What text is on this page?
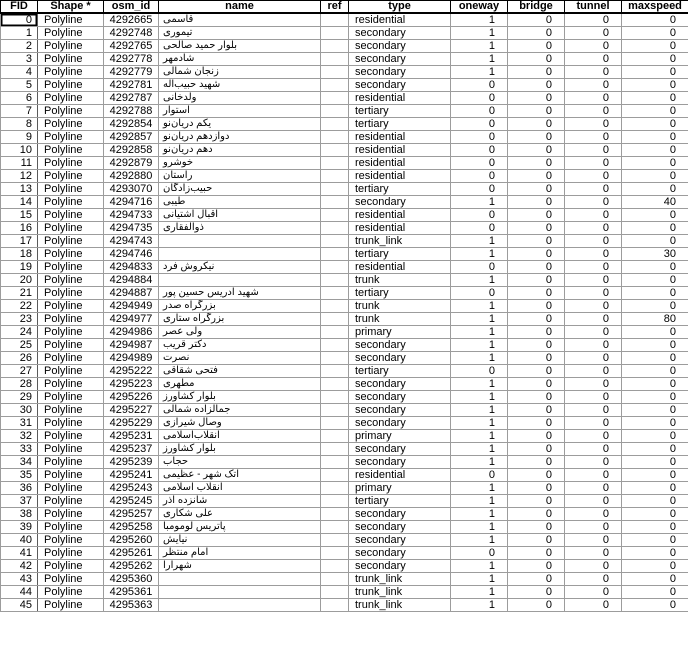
FID	Shape *	osm_id	name	ref	type	oneway	bridge	tunnel	maxspeed
0	Polyline	4292665	قاسمی		residential	1	0	0	0
1	Polyline	4292748	تیموری		secondary	1	0	0	0
2	Polyline	4292765	بلوار حمید صالحی		secondary	1	0	0	0
3	Polyline	4292778	شادمهر		secondary	1	0	0	0
4	Polyline	4292779	زنجان شمالی		secondary	1	0	0	0
5	Polyline	4292781	شهید حبیب‌اله		secondary	0	0	0	0
6	Polyline	4292787	ولدخانی		residential	0	0	0	0
7	Polyline	4292788	استوار		tertiary	0	0	0	0
8	Polyline	4292854	یکم دریان‌نو		tertiary	0	0	0	0
9	Polyline	4292857	دوازدهم دریان‌نو		residential	0	0	0	0
10	Polyline	4292858	دهم دریان‌نو		residential	0	0	0	0
11	Polyline	4292879	خوشرو		residential	0	0	0	0
12	Polyline	4292880	راستان		residential	0	0	0	0
13	Polyline	4293070	حبیب‌زادگان		tertiary	0	0	0	0
14	Polyline	4294716	طیبی		secondary	1	0	0	40
15	Polyline	4294733	اقبال آشتیانی		residential	0	0	0	0
16	Polyline	4294735	ذوالفقاری		residential	0	0	0	0
17	Polyline	4294743			trunk_link	1	0	0	0
18	Polyline	4294746			tertiary	1	0	0	30
19	Polyline	4294833	نیکروش فرد		residential	0	0	0	0
20	Polyline	4294884			trunk	1	0	0	0
21	Polyline	4294887	شهید ادریس حسین پور		tertiary	0	0	0	0
22	Polyline	4294949	بزرگراه صدر		trunk	1	0	0	0
23	Polyline	4294977	بزرگراه ستاری		trunk	1	0	0	80
24	Polyline	4294986	ولی عصر		primary	1	0	0	0
25	Polyline	4294987	دکتر قریب		secondary	1	0	0	0
26	Polyline	4294989	نصرت		secondary	1	0	0	0
27	Polyline	4295222	فتحی شقاقی		tertiary	0	0	0	0
28	Polyline	4295223	مطهری		secondary	1	0	0	0
29	Polyline	4295226	بلوار کشاورز		secondary	1	0	0	0
30	Polyline	4295227	جمالزاده شمالی		secondary	1	0	0	0
31	Polyline	4295229	وصال شیرازی		secondary	1	0	0	0
32	Polyline	4295231	انقلاب‌اسلامی		primary	1	0	0	0
33	Polyline	4295237	بلوار کشاورز		secondary	1	0	0	0
34	Polyline	4295239	حجاب		secondary	1	0	0	0
35	Polyline	4295241	اتک شهر - عظیمی		residential	0	0	0	0
36	Polyline	4295243	انقلاب اسلامی		primary	1	0	0	0
37	Polyline	4295245	شانزده آذر		tertiary	1	0	0	0
38	Polyline	4295257	علی شکاری		secondary	1	0	0	0
39	Polyline	4295258	پاتریس لومومبا		secondary	1	0	0	0
40	Polyline	4295260	نیایش		secondary	1	0	0	0
41	Polyline	4295261	امام منتظر		secondary	0	0	0	0
42	Polyline	4295262	شهرآرا		secondary	1	0	0	0
43	Polyline	4295360			trunk_link	1	0	0	0
44	Polyline	4295361			trunk_link	1	0	0	0
45	Polyline	4295363			trunk_link	1	0	0	0
